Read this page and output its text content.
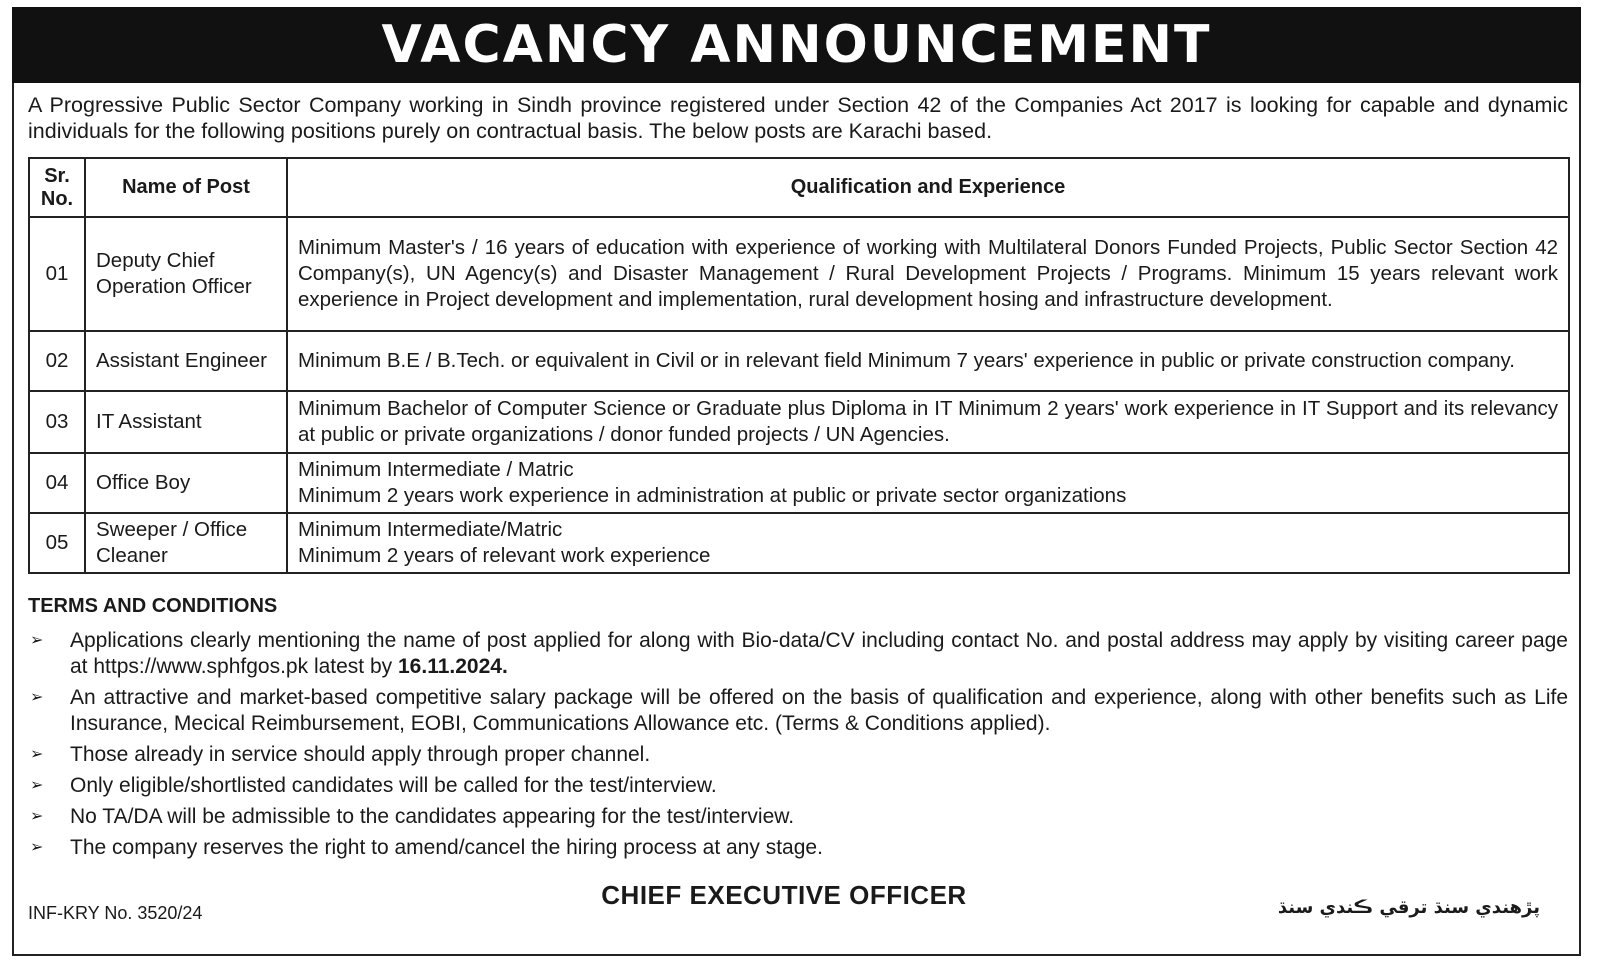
VACANCY ANNOUNCEMENT
A Progressive Public Sector Company working in Sindh province registered under Section 42 of the Companies Act 2017 is looking for capable and dynamic individuals for the following positions purely on contractual basis. The below posts are Karachi based.
Sr. No.	Name of Post	Qualification and Experience
01	Deputy Chief Operation Officer	Minimum Master's / 16 years of education with experience of working with Multilateral Donors Funded Projects, Public Sector Section 42 Company(s), UN Agency(s) and Disaster Management / Rural Development Projects / Programs. Minimum 15 years relevant work experience in Project development and implementation, rural development hosing and infrastructure development.
02	Assistant Engineer	Minimum B.E / B.Tech. or equivalent in Civil or in relevant field Minimum 7 years' experience in public or private construction company.
03	IT Assistant	Minimum Bachelor of Computer Science or Graduate plus Diploma in IT Minimum 2 years' work experience in IT Support and its relevancy at public or private organizations / donor funded projects / UN Agencies.
04	Office Boy	Minimum Intermediate / Matric
Minimum 2 years work experience in administration at public or private sector organizations

05	Sweeper / Office Cleaner	Minimum Intermediate/Matric
Minimum 2 years of relevant work experience
TERMS AND CONDITIONS
➢ Applications clearly mentioning the name of post applied for along with Bio-data/CV including contact No. and postal address may apply by visiting career page at https://www.sphfgos.pk latest by 16.11.2024.
➢ An attractive and market-based competitive salary package will be offered on the basis of qualification and experience, along with other benefits such as Life Insurance, Mecical Reimbursement, EOBI, Communications Allowance etc. (Terms & Conditions applied).
➢ Those already in service should apply through proper channel.
➢ Only eligible/shortlisted candidates will be called for the test/interview.
➢ No TA/DA will be admissible to the candidates appearing for the test/interview.
➢ The company reserves the right to amend/cancel the hiring process at any stage.
CHIEF EXECUTIVE OFFICER
INF-KRY No. 3520/24	پڙهندي سنڌ ترقي ڪندي سنڌ
